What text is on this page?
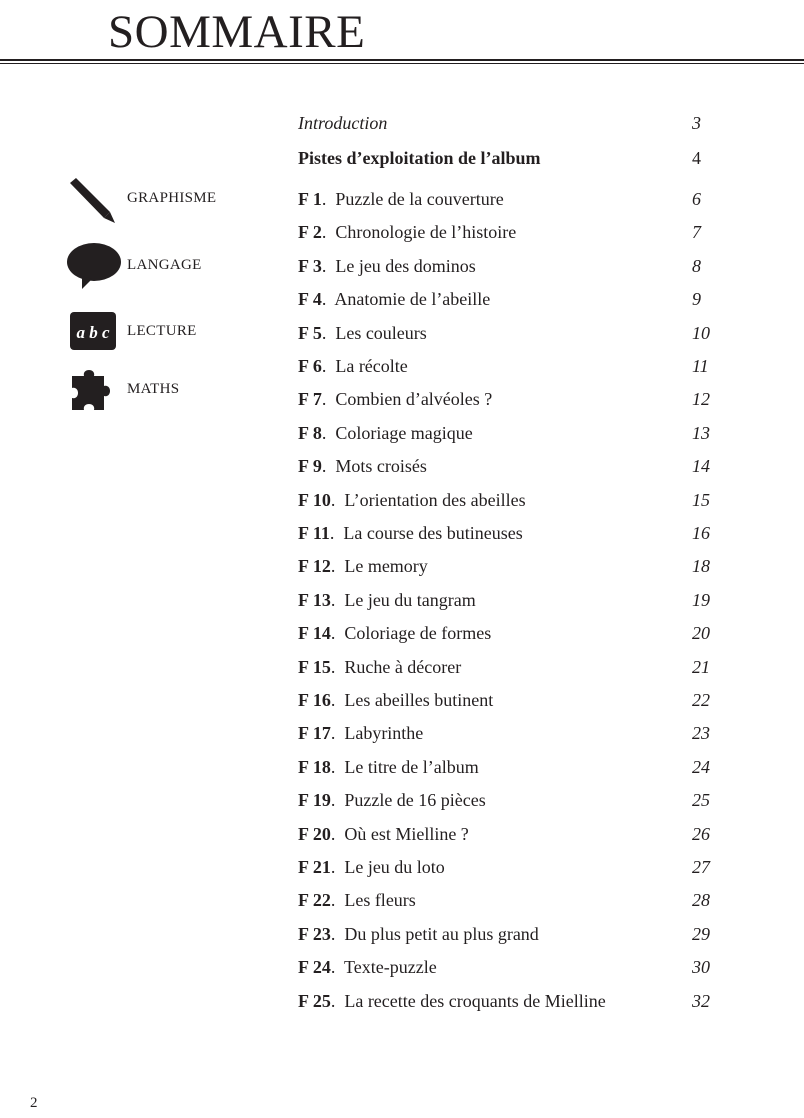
SOMMAIRE
GRAPHISME
LANGAGE
a b c LECTURE
MATHS
Introduction	3
Pistes d’exploitation de l’album	4
F 1.  Puzzle de la couverture	6
F 2.  Chronologie de l’histoire	7
F 3.  Le jeu des dominos	8
F 4.  Anatomie de l’abeille	9
F 5.  Les couleurs	10
F 6.  La récolte	11
F 7.  Combien d’alvéoles ?	12
F 8.  Coloriage magique	13
F 9.  Mots croisés	14
F 10.  L’orientation des abeilles	15
F 11.  La course des butineuses	16
F 12.  Le memory	18
F 13.  Le jeu du tangram	19
F 14.  Coloriage de formes	20
F 15.  Ruche à décorer	21
F 16.  Les abeilles butinent	22
F 17.  Labyrinthe	23
F 18.  Le titre de l’album	24
F 19.  Puzzle de 16 pièces	25
F 20.  Où est Mielline ?	26
F 21.  Le jeu du loto	27
F 22.  Les fleurs	28
F 23.  Du plus petit au plus grand	29
F 24.  Texte-puzzle	30
F 25.  La recette des croquants de Mielline	32
2
